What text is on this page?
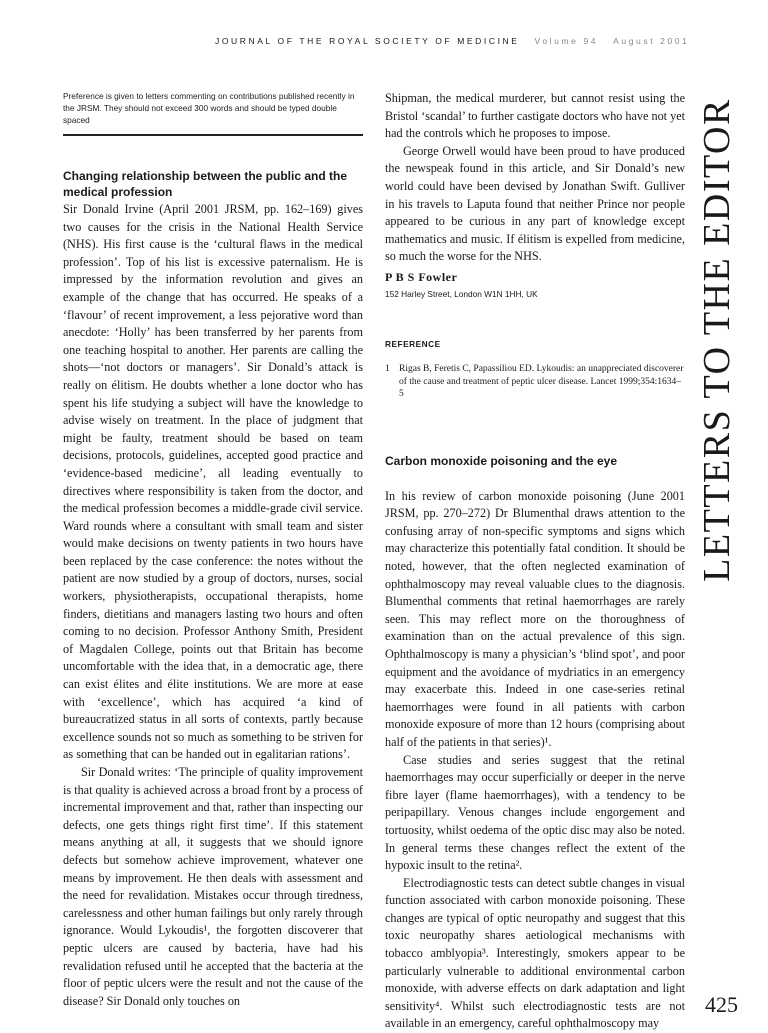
JOURNAL OF THE ROYAL SOCIETY OF MEDICINE Volume 94 August 2001
Preference is given to letters commenting on contributions published recently in the JRSM. They should not exceed 300 words and should be typed double spaced
Changing relationship between the public and the medical profession

Sir Donald Irvine (April 2001 JRSM, pp. 162–169) gives two causes for the crisis in the National Health Service (NHS). His first cause is the ‘cultural flaws in the medical profession’. Top of his list is excessive paternalism. He is impressed by the information revolution and gives an example of the change that has occurred. He speaks of a ‘flavour’ of recent improvement, a less pejorative word than anecdote: ‘Holly’ has been transferred by her parents from one teaching hospital to another. Her parents are calling the shots—‘not doctors or managers’. Sir Donald’s attack is really on élitism. He doubts whether a lone doctor who has spent his life studying a subject will have the knowledge to advise wisely on treatment. In the place of judgment that might be faulty, treatment should be based on team decisions, protocols, guidelines, accepted good practice and ‘evidence-based medicine’, all leading eventually to directives where responsibility is taken from the doctor, and the medical profession becomes a middle-grade civil service. Ward rounds where a consultant with small team and sister would make decisions on twenty patients in two hours have been replaced by the case conference: the notes without the patient are now studied by a group of doctors, nurses, social workers, physiotherapists, occupational therapists, home finders, dietitians and managers lasting two hours and often coming to no decision. Professor Anthony Smith, President of Magdalen College, points out that Britain has become uncomfortable with the idea that, in a democratic age, there can exist élites and élite institutions. We are more at ease with ‘excellence’, which has acquired ‘a kind of bureaucratized status in all sorts of contexts, partly because excellence sounds not so much as something to be striven for as something that can be handed out in egalitarian rations’.

Sir Donald writes: ‘The principle of quality improvement is that quality is achieved across a broad front by a process of incremental improvement and that, rather than inspecting our defects, one gets things right first time’. If this statement means anything at all, it suggests that we should ignore defects but somehow achieve improvement, whatever one means by improvement. He then deals with assessment and the need for revalidation. Mistakes occur through tiredness, carelessness and other human failings but only rarely through ignorance. Would Lykoudis¹, the forgotten discoverer that peptic ulcers are caused by bacteria, have had his revalidation refused until he accepted that the bacteria at the floor of peptic ulcers were the result and not the cause of the disease? Sir Donald only touches on

Shipman, the medical murderer, but cannot resist using the Bristol ‘scandal’ to further castigate doctors who have not yet had the controls which he proposes to impose.

George Orwell would have been proud to have produced the newspeak found in this article, and Sir Donald’s new world could have been devised by Jonathan Swift. Gulliver in his travels to Laputa found that neither Prince nor people appeared to be curious in any part of knowledge except mathematics and music. If élitism is expelled from medicine, so much the worse for the NHS.

P B S Fowler
152 Harley Street, London W1N 1HH, UK
REFERENCE
1 Rigas B, Feretis C, Papassiliou ED. Lykoudis: an unappreciated discoverer of the cause and treatment of peptic ulcer disease. Lancet 1999;354:1634–5
Carbon monoxide poisoning and the eye

In his review of carbon monoxide poisoning (June 2001 JRSM, pp. 270–272) Dr Blumenthal draws attention to the confusing array of non-specific symptoms and signs which may characterize this potentially fatal condition. It should be noted, however, that the often neglected examination of ophthalmoscopy may reveal valuable clues to the diagnosis. Blumenthal comments that retinal haemorrhages are rarely seen. This may reflect more on the thoroughness of examination than on the actual prevalence of this sign. Ophthalmoscopy is many a physician’s ‘blind spot’, and poor equipment and the avoidance of mydriatics in an emergency may exacerbate this. Indeed in one case-series retinal haemorrhages were found in all patients with carbon monoxide exposure of more than 12 hours (comprising about half of the patients in that series)¹.

Case studies and series suggest that the retinal haemorrhages may occur superficially or deeper in the nerve fibre layer (flame haemorrhages), with a tendency to be peripapillary. Venous changes include engorgement and tortuosity, whilst oedema of the optic disc may also be noted. In general terms these changes reflect the extent of the hypoxic insult to the retina².

Electrodiagnostic tests can detect subtle changes in visual function associated with carbon monoxide poisoning. These changes are typical of optic neuropathy and suggest that this toxic neuropathy shares aetiological mechanisms with tobacco amblyopia³. Interestingly, smokers appear to be particularly vulnerable to additional environmental carbon monoxide, with adverse effects on dark adaptation and light sensitivity⁴. Whilst such electrodiagnostic tests are not available in an emergency, careful ophthalmoscopy may

LETTERS TO THE EDITOR
425
